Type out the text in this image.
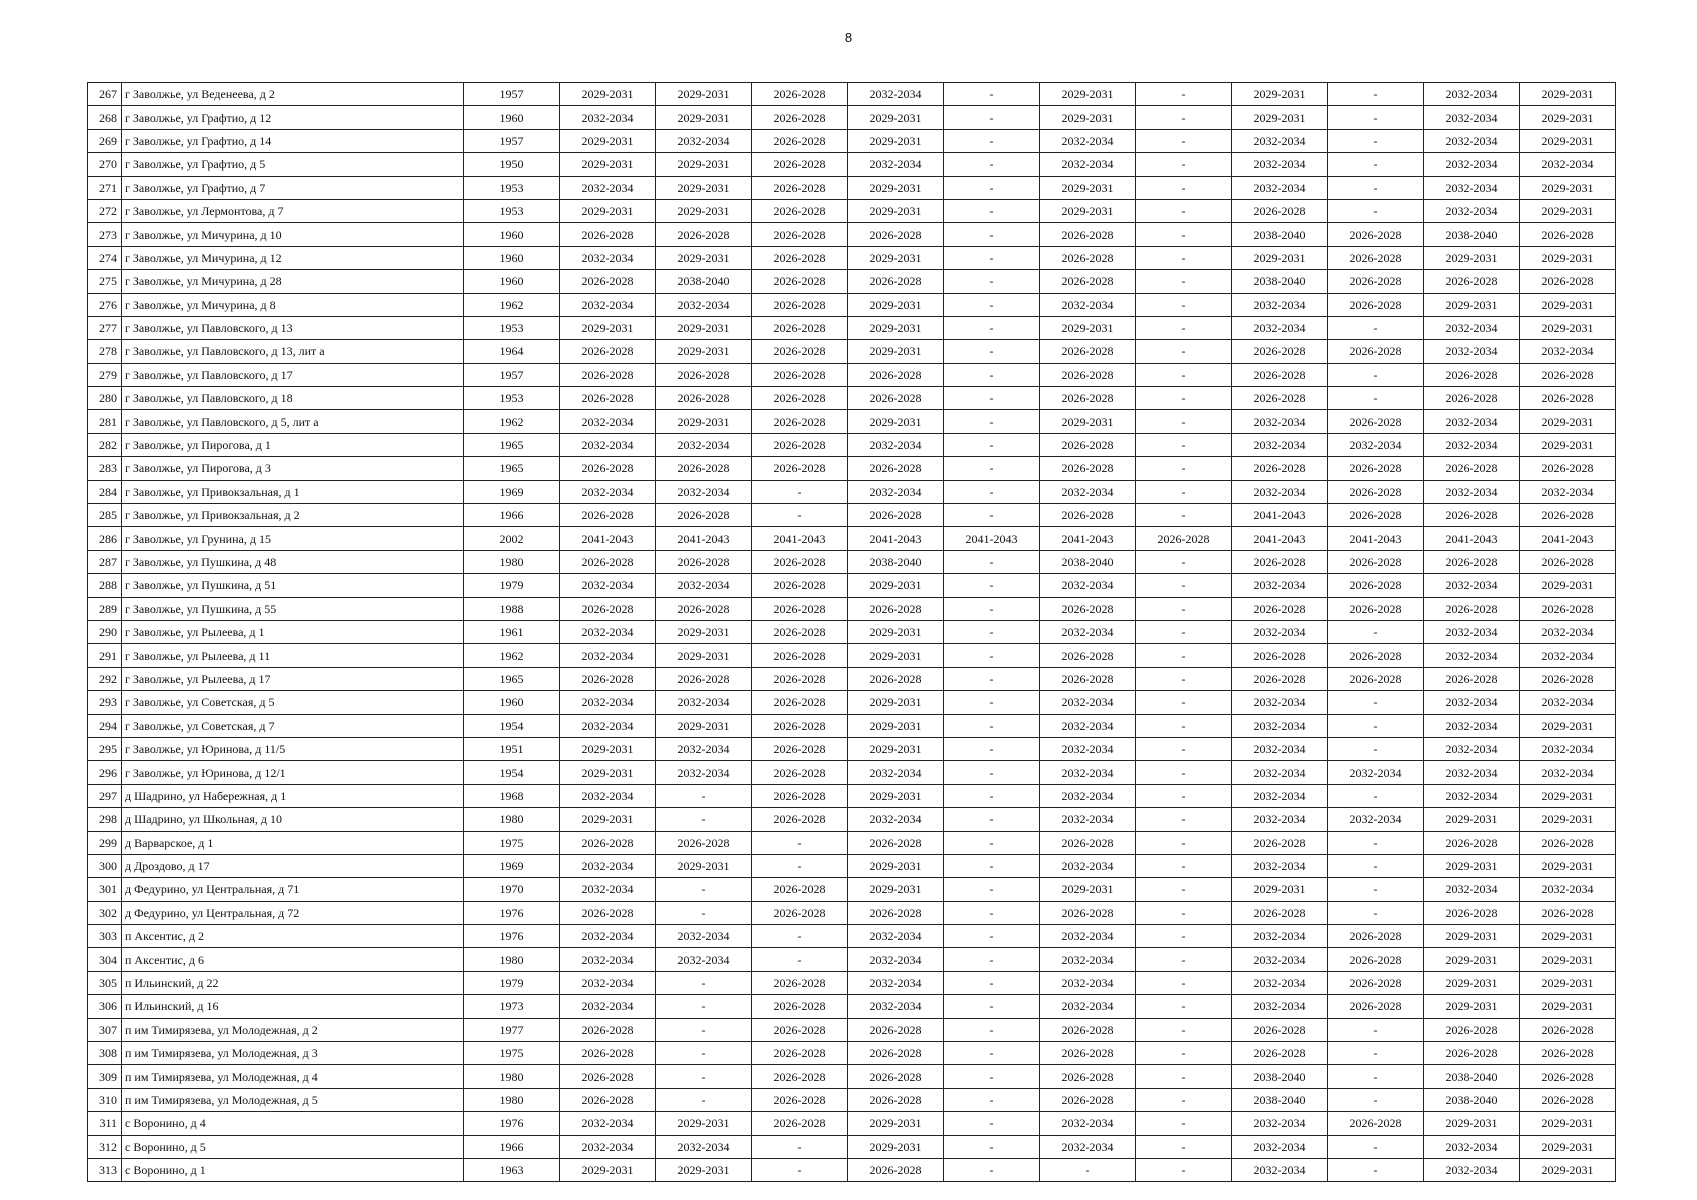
8
267	г Заволжье, ул Веденеева, д 2	1957	2029-2031	2029-2031	2026-2028	2032-2034	-	2029-2031	-	2029-2031	-	2032-2034	2029-2031
268	г Заволжье, ул Графтио, д 12	1960	2032-2034	2029-2031	2026-2028	2029-2031	-	2029-2031	-	2029-2031	-	2032-2034	2029-2031
269	г Заволжье, ул Графтио, д 14	1957	2029-2031	2032-2034	2026-2028	2029-2031	-	2032-2034	-	2032-2034	-	2032-2034	2029-2031
270	г Заволжье, ул Графтио, д 5	1950	2029-2031	2029-2031	2026-2028	2032-2034	-	2032-2034	-	2032-2034	-	2032-2034	2032-2034
271	г Заволжье, ул Графтио, д 7	1953	2032-2034	2029-2031	2026-2028	2029-2031	-	2029-2031	-	2032-2034	-	2032-2034	2029-2031
272	г Заволжье, ул Лермонтова, д 7	1953	2029-2031	2029-2031	2026-2028	2029-2031	-	2029-2031	-	2026-2028	-	2032-2034	2029-2031
273	г Заволжье, ул Мичурина, д 10	1960	2026-2028	2026-2028	2026-2028	2026-2028	-	2026-2028	-	2038-2040	2026-2028	2038-2040	2026-2028
274	г Заволжье, ул Мичурина, д 12	1960	2032-2034	2029-2031	2026-2028	2029-2031	-	2026-2028	-	2029-2031	2026-2028	2029-2031	2029-2031
275	г Заволжье, ул Мичурина, д 28	1960	2026-2028	2038-2040	2026-2028	2026-2028	-	2026-2028	-	2038-2040	2026-2028	2026-2028	2026-2028
276	г Заволжье, ул Мичурина, д 8	1962	2032-2034	2032-2034	2026-2028	2029-2031	-	2032-2034	-	2032-2034	2026-2028	2029-2031	2029-2031
277	г Заволжье, ул Павловского, д 13	1953	2029-2031	2029-2031	2026-2028	2029-2031	-	2029-2031	-	2032-2034	-	2032-2034	2029-2031
278	г Заволжье, ул Павловского, д 13, лит а	1964	2026-2028	2029-2031	2026-2028	2029-2031	-	2026-2028	-	2026-2028	2026-2028	2032-2034	2032-2034
279	г Заволжье, ул Павловского, д 17	1957	2026-2028	2026-2028	2026-2028	2026-2028	-	2026-2028	-	2026-2028	-	2026-2028	2026-2028
280	г Заволжье, ул Павловского, д 18	1953	2026-2028	2026-2028	2026-2028	2026-2028	-	2026-2028	-	2026-2028	-	2026-2028	2026-2028
281	г Заволжье, ул Павловского, д 5, лит а	1962	2032-2034	2029-2031	2026-2028	2029-2031	-	2029-2031	-	2032-2034	2026-2028	2032-2034	2029-2031
282	г Заволжье, ул Пирогова, д 1	1965	2032-2034	2032-2034	2026-2028	2032-2034	-	2026-2028	-	2032-2034	2032-2034	2032-2034	2029-2031
283	г Заволжье, ул Пирогова, д 3	1965	2026-2028	2026-2028	2026-2028	2026-2028	-	2026-2028	-	2026-2028	2026-2028	2026-2028	2026-2028
284	г Заволжье, ул Привокзальная, д 1	1969	2032-2034	2032-2034	-	2032-2034	-	2032-2034	-	2032-2034	2026-2028	2032-2034	2032-2034
285	г Заволжье, ул Привокзальная, д 2	1966	2026-2028	2026-2028	-	2026-2028	-	2026-2028	-	2041-2043	2026-2028	2026-2028	2026-2028
286	г Заволжье, ул Грунина, д 15	2002	2041-2043	2041-2043	2041-2043	2041-2043	2041-2043	2041-2043	2026-2028	2041-2043	2041-2043	2041-2043	2041-2043
287	г Заволжье, ул Пушкина, д 48	1980	2026-2028	2026-2028	2026-2028	2038-2040	-	2038-2040	-	2026-2028	2026-2028	2026-2028	2026-2028
288	г Заволжье, ул Пушкина, д 51	1979	2032-2034	2032-2034	2026-2028	2029-2031	-	2032-2034	-	2032-2034	2026-2028	2032-2034	2029-2031
289	г Заволжье, ул Пушкина, д 55	1988	2026-2028	2026-2028	2026-2028	2026-2028	-	2026-2028	-	2026-2028	2026-2028	2026-2028	2026-2028
290	г Заволжье, ул Рылеева, д 1	1961	2032-2034	2029-2031	2026-2028	2029-2031	-	2032-2034	-	2032-2034	-	2032-2034	2032-2034
291	г Заволжье, ул Рылеева, д 11	1962	2032-2034	2029-2031	2026-2028	2029-2031	-	2026-2028	-	2026-2028	2026-2028	2032-2034	2032-2034
292	г Заволжье, ул Рылеева, д 17	1965	2026-2028	2026-2028	2026-2028	2026-2028	-	2026-2028	-	2026-2028	2026-2028	2026-2028	2026-2028
293	г Заволжье, ул Советская, д 5	1960	2032-2034	2032-2034	2026-2028	2029-2031	-	2032-2034	-	2032-2034	-	2032-2034	2032-2034
294	г Заволжье, ул Советская, д 7	1954	2032-2034	2029-2031	2026-2028	2029-2031	-	2032-2034	-	2032-2034	-	2032-2034	2029-2031
295	г Заволжье, ул Юринова, д 11/5	1951	2029-2031	2032-2034	2026-2028	2029-2031	-	2032-2034	-	2032-2034	-	2032-2034	2032-2034
296	г Заволжье, ул Юринова, д 12/1	1954	2029-2031	2032-2034	2026-2028	2032-2034	-	2032-2034	-	2032-2034	2032-2034	2032-2034	2032-2034
297	д Шадрино, ул Набережная, д 1	1968	2032-2034	-	2026-2028	2029-2031	-	2032-2034	-	2032-2034	-	2032-2034	2029-2031
298	д Шадрино, ул Школьная, д 10	1980	2029-2031	-	2026-2028	2032-2034	-	2032-2034	-	2032-2034	2032-2034	2029-2031	2029-2031
299	д Варварское, д 1	1975	2026-2028	2026-2028	-	2026-2028	-	2026-2028	-	2026-2028	-	2026-2028	2026-2028
300	д Дроздово, д 17	1969	2032-2034	2029-2031	-	2029-2031	-	2032-2034	-	2032-2034	-	2029-2031	2029-2031
301	д Федурино, ул Центральная, д 71	1970	2032-2034	-	2026-2028	2029-2031	-	2029-2031	-	2029-2031	-	2032-2034	2032-2034
302	д Федурино, ул Центральная, д 72	1976	2026-2028	-	2026-2028	2026-2028	-	2026-2028	-	2026-2028	-	2026-2028	2026-2028
303	п Аксентис, д 2	1976	2032-2034	2032-2034	-	2032-2034	-	2032-2034	-	2032-2034	2026-2028	2029-2031	2029-2031
304	п Аксентис, д 6	1980	2032-2034	2032-2034	-	2032-2034	-	2032-2034	-	2032-2034	2026-2028	2029-2031	2029-2031
305	п Ильинский, д 22	1979	2032-2034	-	2026-2028	2032-2034	-	2032-2034	-	2032-2034	2026-2028	2029-2031	2029-2031
306	п Ильинский, д 16	1973	2032-2034	-	2026-2028	2032-2034	-	2032-2034	-	2032-2034	2026-2028	2029-2031	2029-2031
307	п им Тимирязева, ул Молодежная, д 2	1977	2026-2028	-	2026-2028	2026-2028	-	2026-2028	-	2026-2028	-	2026-2028	2026-2028
308	п им Тимирязева, ул Молодежная, д 3	1975	2026-2028	-	2026-2028	2026-2028	-	2026-2028	-	2026-2028	-	2026-2028	2026-2028
309	п им Тимирязева, ул Молодежная, д 4	1980	2026-2028	-	2026-2028	2026-2028	-	2026-2028	-	2038-2040	-	2038-2040	2026-2028
310	п им Тимирязева, ул Молодежная, д 5	1980	2026-2028	-	2026-2028	2026-2028	-	2026-2028	-	2038-2040	-	2038-2040	2026-2028
311	с Воронино, д 4	1976	2032-2034	2029-2031	2026-2028	2029-2031	-	2032-2034	-	2032-2034	2026-2028	2029-2031	2029-2031
312	с Воронино, д 5	1966	2032-2034	2032-2034	-	2029-2031	-	2032-2034	-	2032-2034	-	2032-2034	2029-2031
313	с Воронино, д 1	1963	2029-2031	2029-2031	-	2026-2028	-	-	-	2032-2034	-	2032-2034	2029-2031
